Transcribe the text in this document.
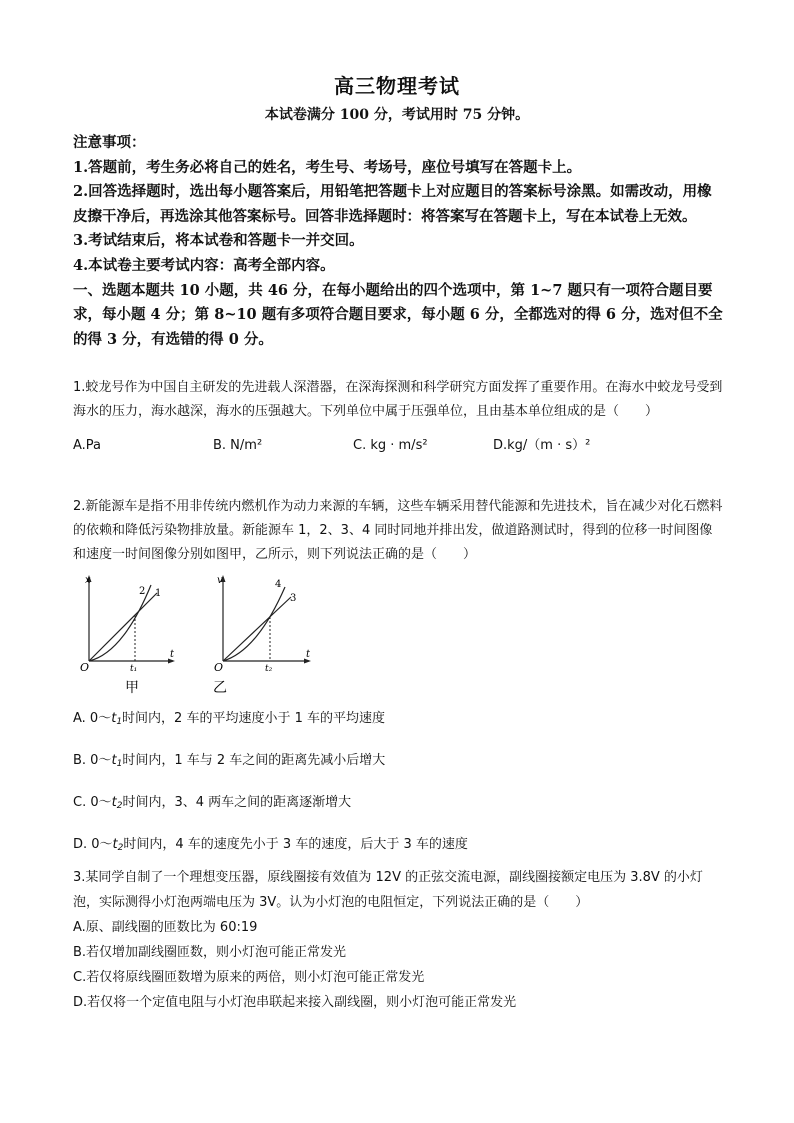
高三物理考试
本试卷满分 100 分，考试用时 75 分钟。

注意事项：

1.答题前，考生务必将自己的姓名，考生号、考场号，座位号填写在答题卡上。

2.回答选择题时，选出每小题答案后，用铅笔把答题卡上对应题目的答案标号涂黑。如需改动，用橡皮擦干净后，再选涂其他答案标号。回答非选择题时：将答案写在答题卡上，写在本试卷上无效。

3.考试结束后，将本试卷和答题卡一并交回。

4.本试卷主要考试内容：高考全部内容。

一、选题本题共 10 小题，共 46 分，在每小题给出的四个选项中，第 1~7 题只有一项符合题目要求，每小题 4 分；第 8~10 题有多项符合题目要求，每小题 6 分，全都选对的得 6 分，选对但不全的得 3 分，有选错的得 0 分。

1.蛟龙号作为中国自主研发的先进载人深潜器，在深海探测和科学研究方面发挥了重要作用。在海水中蛟龙号受到海水的压力，海水越深，海水的压强越大。下列单位中属于压强单位，且由基本单位组成的是（　　）

A.Pa	B. N/m²	C. kg · m/s²	D.kg/（m · s）²

2.新能源车是指不用非传统内燃机作为动力来源的车辆，这些车辆采用替代能源和先进技术，旨在减少对化石燃料的依赖和降低污染物排放量。新能源车 1，2、3、4 同时同地并排出发，做道路测试时，得到的位移一时间图像和速度一时间图像分别如图甲，乙所示，则下列说法正确的是（　　）

x
t
O	t₁
2 1
甲
v
t
O	t₂
4
3
乙
A. $0\sim t_1$时间内，2 车的平均速度小于 1 车的平均速度
B. $0\sim t_1$时间内，1 车与 2 车之间的距离先减小后增大
C. $0\sim t_2$时间内，3、4 两车之间的距离逐渐增大
D. $0\sim t_2$时间内，4 车的速度先小于 3 车的速度，后大于 3 车的速度

3.某同学自制了一个理想变压器，原线圈接有效值为 12V 的正弦交流电源，副线圈接额定电压为 3.8V 的小灯泡，实际测得小灯泡两端电压为 3V。认为小灯泡的电阻恒定，下列说法正确的是（　　）

A.原、副线圈的匝数比为 60:19

B.若仅增加副线圈匝数，则小灯泡可能正常发光

C.若仅将原线圈匝数增为原来的两倍，则小灯泡可能正常发光

D.若仅将一个定值电阻与小灯泡串联起来接入副线圈，则小灯泡可能正常发光
